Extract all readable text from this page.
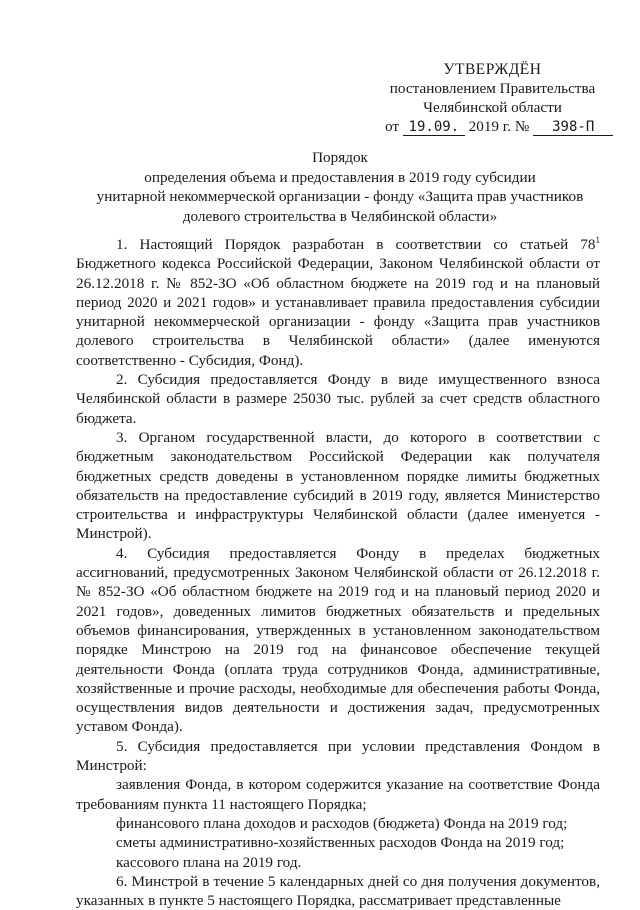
УТВЕРЖДЁН
постановлением Правительства
Челябинской области
от 19.09. 2019 г. № 398-П
Порядок
определения объема и предоставления в 2019 году субсидии
унитарной некоммерческой организации - фонду «Защита прав участников
долевого строительства в Челябинской области»

1. Настоящий Порядок разработан в соответствии со статьей $78^1$ Бюджетного кодекса Российской Федерации, Законом Челябинской области от 26.12.2018 г. № 852-ЗО «Об областном бюджете на 2019 год и на плановый период 2020 и 2021 годов» и устанавливает правила предоставления субсидии унитарной некоммерческой организации - фонду «Защита прав участников долевого строительства в Челябинской области» (далее именуются соответственно - Субсидия, Фонд).

2. Субсидия предоставляется Фонду в виде имущественного взноса Челябинской области в размере 25030 тыс. рублей за счет средств областного бюджета.

3. Органом государственной власти, до которого в соответствии с бюджетным законодательством Российской Федерации как получателя бюджетных средств доведены в установленном порядке лимиты бюджетных обязательств на предоставление субсидий в 2019 году, является Министерство строительства и инфраструктуры Челябинской области (далее именуется - Минстрой).

4. Субсидия предоставляется Фонду в пределах бюджетных ассигнований, предусмотренных Законом Челябинской области от 26.12.2018 г. № 852-ЗО «Об областном бюджете на 2019 год и на плановый период 2020 и 2021 годов», доведенных лимитов бюджетных обязательств и предельных объемов финансирования, утвержденных в установленном законодательством порядке Минстрою на 2019 год на финансовое обеспечение текущей деятельности Фонда (оплата труда сотрудников Фонда, административные, хозяйственные и прочие расходы, необходимые для обеспечения работы Фонда, осуществления видов деятельности и достижения задач, предусмотренных уставом Фонда).

5. Субсидия предоставляется при условии представления Фондом в Минстрой:

заявления Фонда, в котором содержится указание на соответствие Фонда требованиям пункта 11 настоящего Порядка;

финансового плана доходов и расходов (бюджета) Фонда на 2019 год;

сметы административно-хозяйственных расходов Фонда на 2019 год;

кассового плана на 2019 год.

6. Минстрой в течение 5 календарных дней со дня получения документов, указанных в пункте 5 настоящего Порядка, рассматривает представленные
